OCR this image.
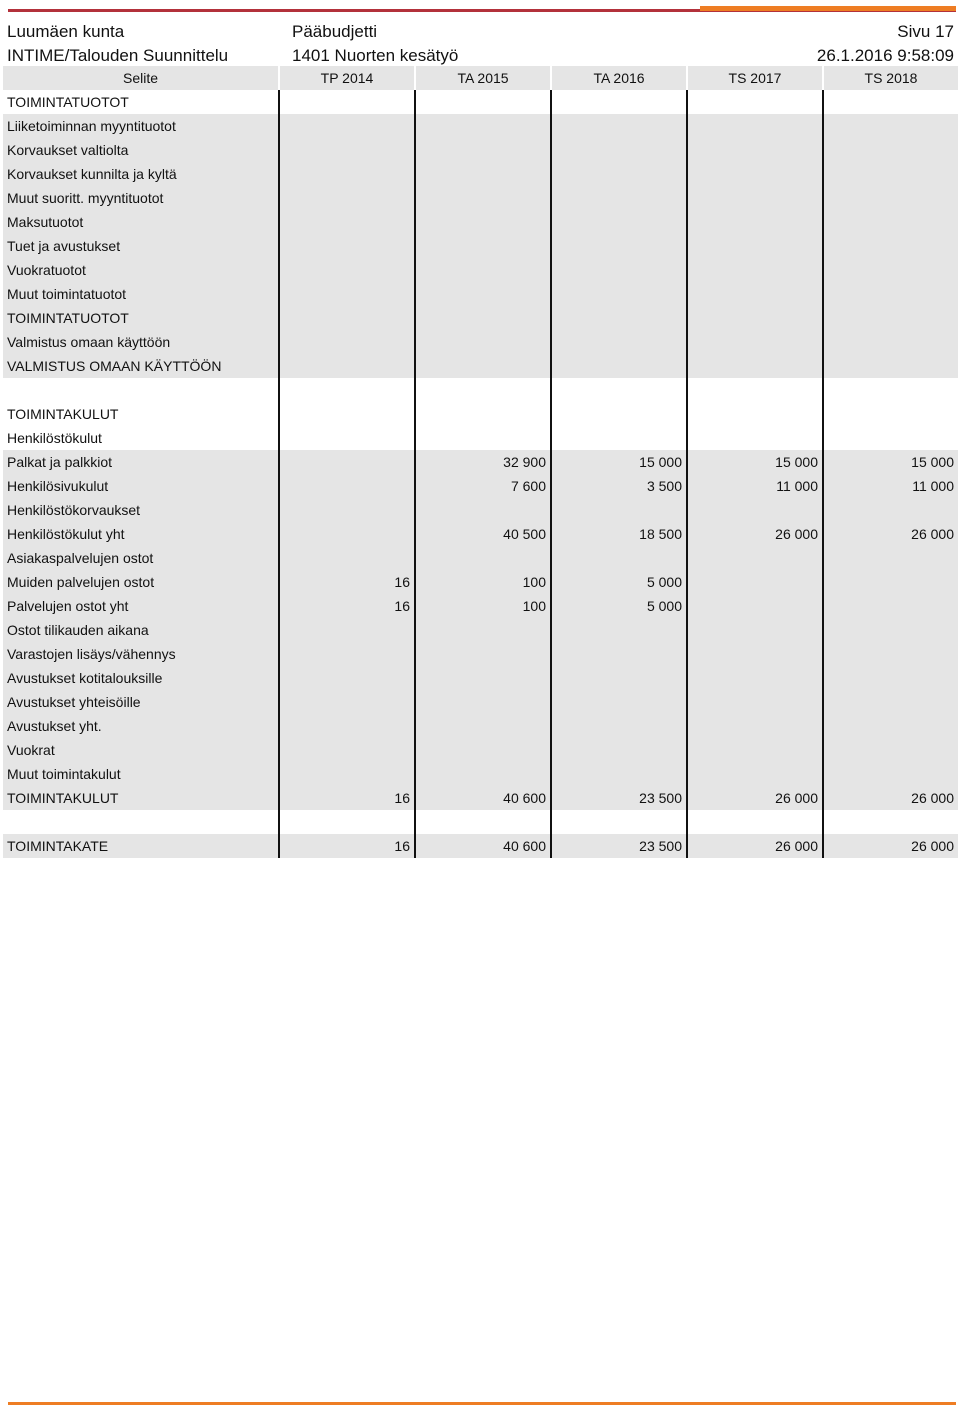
Luumäen kunta	Pääbudjetti	Sivu 17
INTIME/Talouden Suunnittelu	1401 Nuorten kesätyö	26.1.2016 9:58:09
Selite	TP 2014	TA 2015	TA 2016	TS 2017	TS 2018
TOIMINTATUOTOT					
Liiketoiminnan myyntituotot					
Korvaukset valtiolta					
Korvaukset kunnilta ja kyltä					
Muut suoritt. myyntituotot					
Maksutuotot					
Tuet ja avustukset					
Vuokratuotot					
Muut toimintatuotot					
TOIMINTATUOTOT					
Valmistus omaan käyttöön					
VALMISTUS OMAAN KÄYTTÖÖN					

TOIMINTAKULUT					
Henkilöstökulut					
Palkat ja palkkiot		32 900	15 000	15 000	15 000
Henkilösivukulut		7 600	3 500	11 000	11 000
Henkilöstökorvaukset					
Henkilöstökulut yht		40 500	18 500	26 000	26 000
Asiakaspalvelujen ostot					
Muiden palvelujen ostot	16	100	5 000		
Palvelujen ostot yht	16	100	5 000		
Ostot tilikauden aikana					
Varastojen lisäys/vähennys					
Avustukset kotitalouksille					
Avustukset yhteisöille					
Avustukset yht.					
Vuokrat					
Muut toimintakulut					
TOIMINTAKULUT	16	40 600	23 500	26 000	26 000

TOIMINTAKATE	16	40 600	23 500	26 000	26 000
